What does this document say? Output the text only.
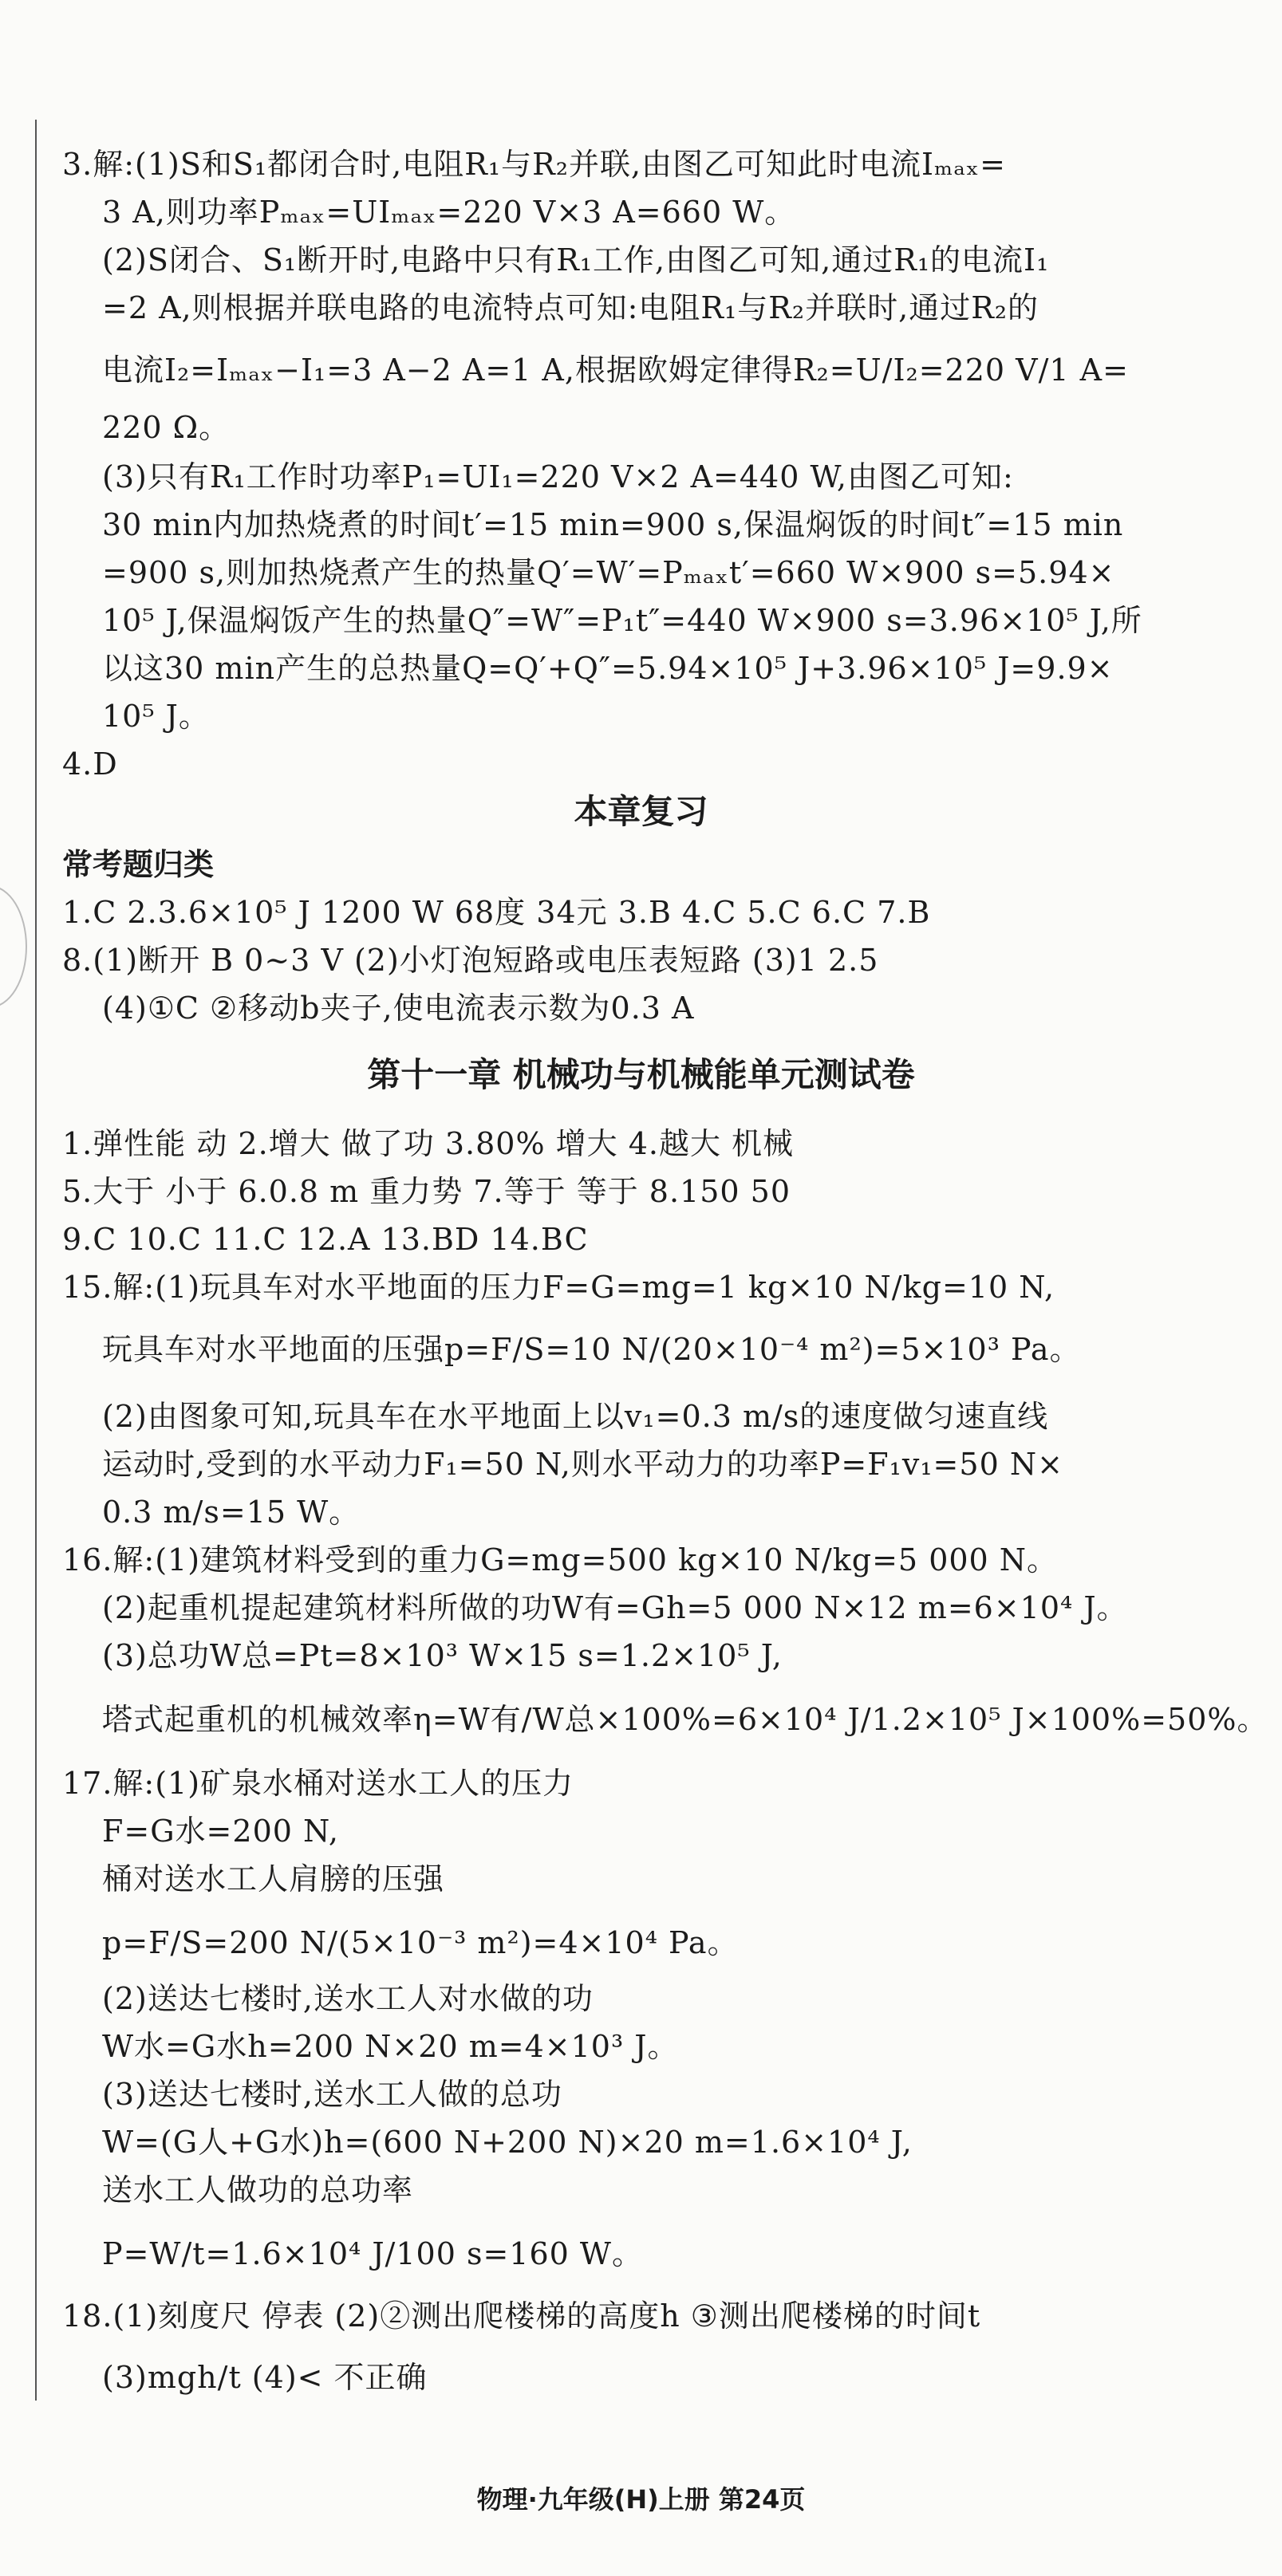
本章复习
常考题归类
第十一章 机械功与机械能单元测试卷
3.解:(1)S和S₁都闭合时,电阻R₁与R₂并联,由图乙可知此时电流Iₘₐₓ=
3 A,则功率Pₘₐₓ=UIₘₐₓ=220 V×3 A=660 W。
(2)S闭合、S₁断开时,电路中只有R₁工作,由图乙可知,通过R₁的电流I₁
=2 A,则根据并联电路的电流特点可知:电阻R₁与R₂并联时,通过R₂的
电流I₂=Iₘₐₓ−I₁=3 A−2 A=1 A,根据欧姆定律得R₂=U/I₂=220 V/1 A=
220 Ω。
(3)只有R₁工作时功率P₁=UI₁=220 V×2 A=440 W,由图乙可知:
30 min内加热烧煮的时间t′=15 min=900 s,保温焖饭的时间t″=15 min
=900 s,则加热烧煮产生的热量Q′=W′=Pₘₐₓt′=660 W×900 s=5.94×
10⁵ J,保温焖饭产生的热量Q″=W″=P₁t″=440 W×900 s=3.96×10⁵ J,所
以这30 min产生的总热量Q=Q′+Q″=5.94×10⁵ J+3.96×10⁵ J=9.9×
10⁵ J。
4.D
1.C 2.3.6×10⁵ J 1200 W 68度 34元 3.B 4.C 5.C 6.C 7.B
8.(1)断开 B 0~3 V (2)小灯泡短路或电压表短路 (3)1 2.5
(4)①C ②移动b夹子,使电流表示数为0.3 A
1.弹性能 动 2.增大 做了功 3.80% 增大 4.越大 机械
5.大于 小于 6.0.8 m 重力势 7.等于 等于 8.150 50
9.C 10.C 11.C 12.A 13.BD 14.BC
15.解:(1)玩具车对水平地面的压力F=G=mg=1 kg×10 N/kg=10 N,
玩具车对水平地面的压强p=F/S=10 N/(20×10⁻⁴ m²)=5×10³ Pa。
(2)由图象可知,玩具车在水平地面上以v₁=0.3 m/s的速度做匀速直线
运动时,受到的水平动力F₁=50 N,则水平动力的功率P=F₁v₁=50 N×
0.3 m/s=15 W。
16.解:(1)建筑材料受到的重力G=mg=500 kg×10 N/kg=5 000 N。
(2)起重机提起建筑材料所做的功W有=Gh=5 000 N×12 m=6×10⁴ J。
(3)总功W总=Pt=8×10³ W×15 s=1.2×10⁵ J,
塔式起重机的机械效率η=W有/W总×100%=6×10⁴ J/1.2×10⁵ J×100%=50%。
17.解:(1)矿泉水桶对送水工人的压力
F=G水=200 N,
桶对送水工人肩膀的压强
p=F/S=200 N/(5×10⁻³ m²)=4×10⁴ Pa。
(2)送达七楼时,送水工人对水做的功
W水=G水h=200 N×20 m=4×10³ J。
(3)送达七楼时,送水工人做的总功
W=(G人+G水)h=(600 N+200 N)×20 m=1.6×10⁴ J,
送水工人做功的总功率
P=W/t=1.6×10⁴ J/100 s=160 W。
18.(1)刻度尺 停表 (2)②测出爬楼梯的高度h ③测出爬楼梯的时间t
(3)mgh/t (4)< 不正确
物理·九年级(H)上册 第24页
